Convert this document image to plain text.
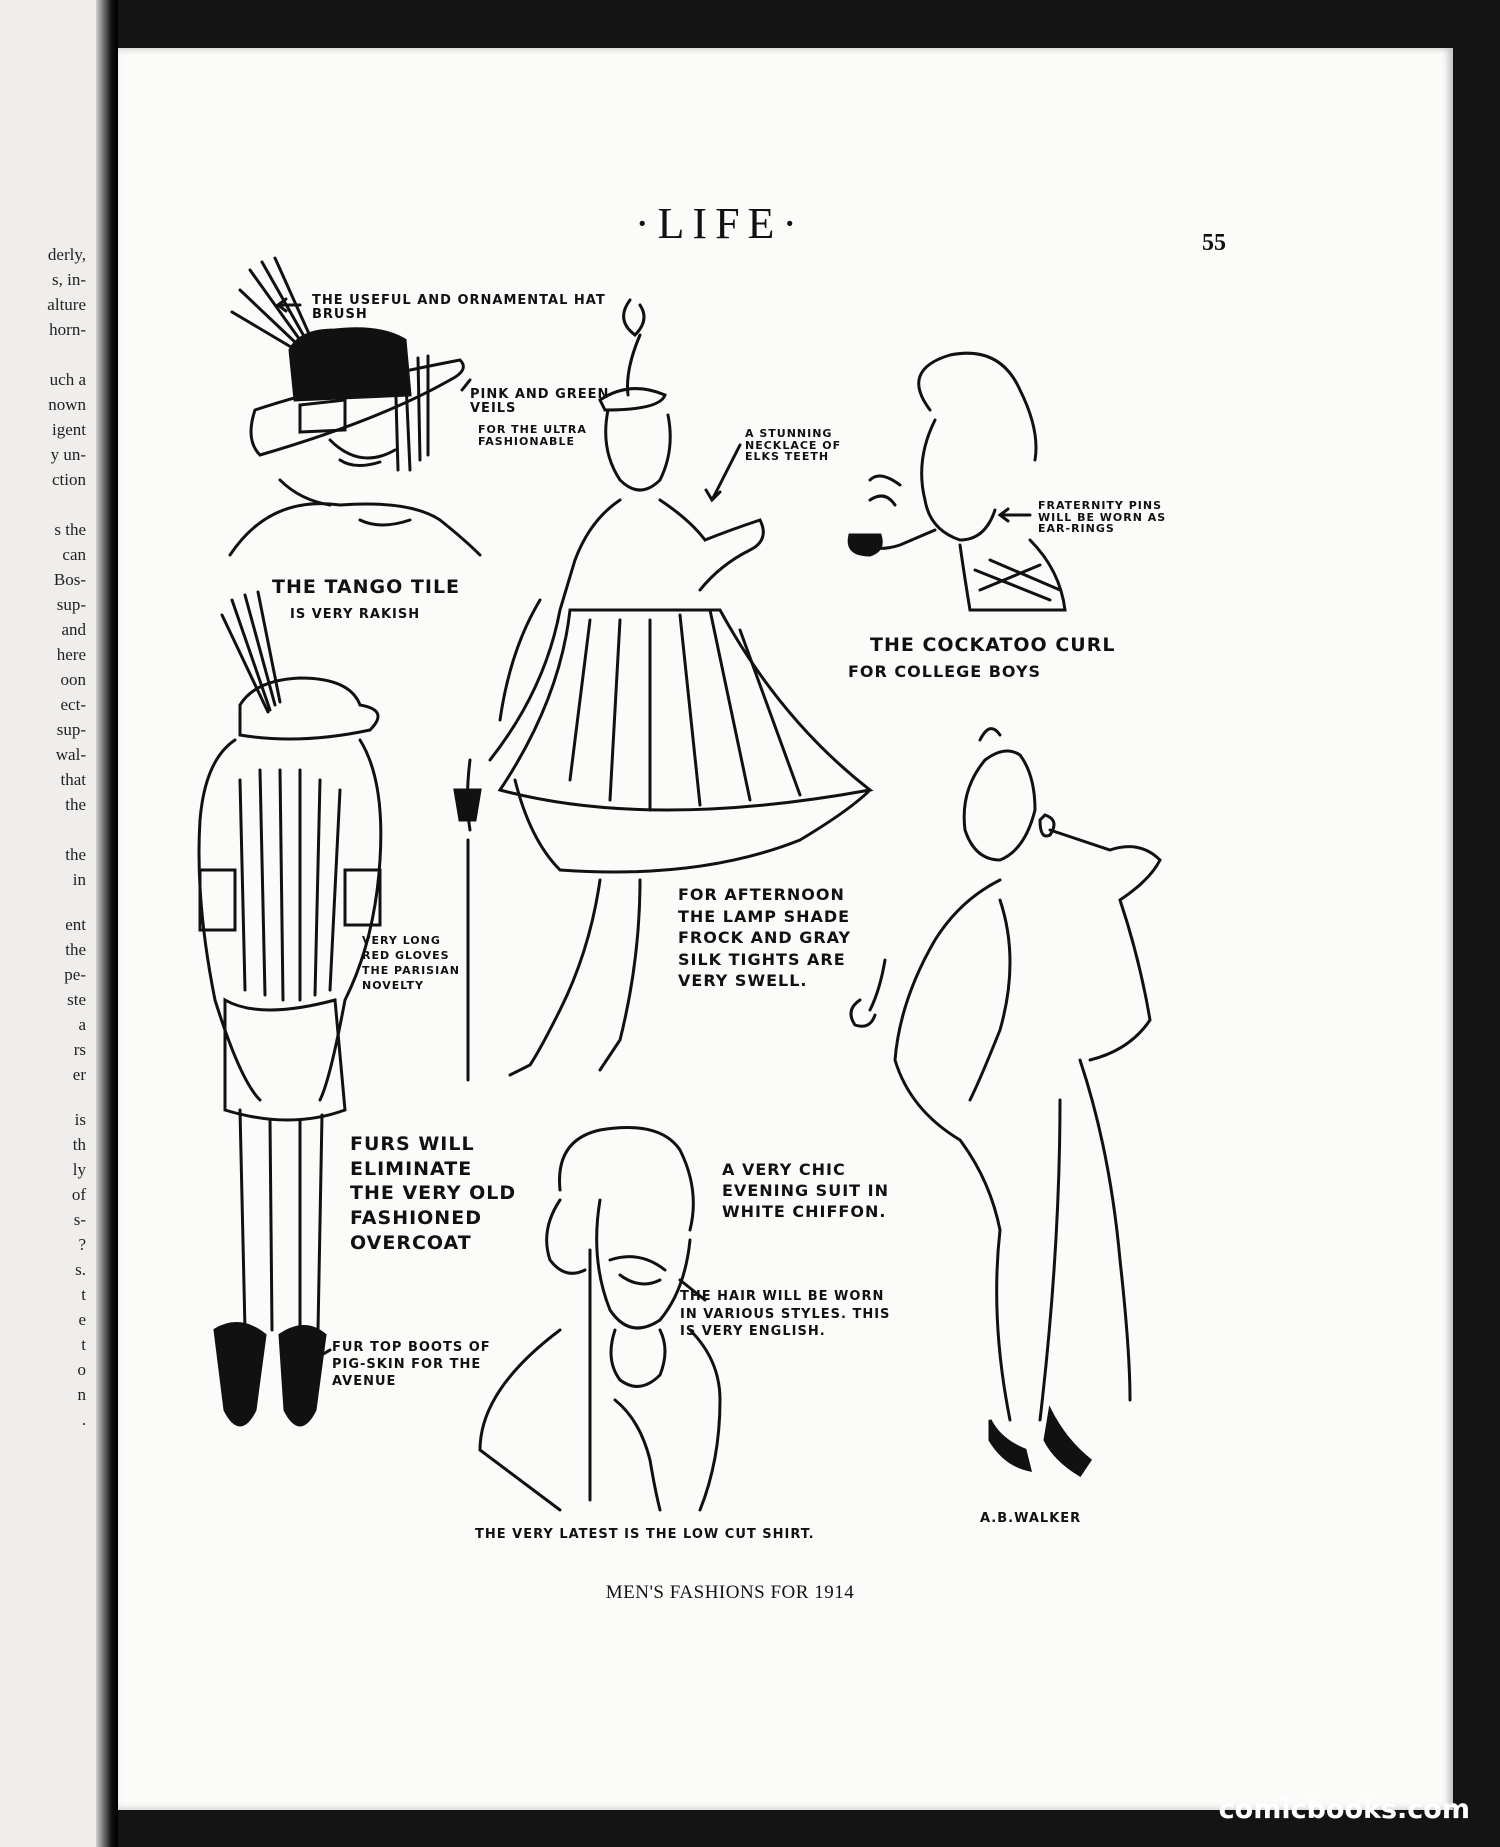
derly,
s, in-
alture
horn-
uch a
nown
igent
y un-
ction
s the
can
Bos-
sup-
and
here
oon
ect-
sup-
wal-
that
the
the
in
ent
the
pe-
ste
a
rs
er
is
th
ly
of
s-
?
s.
t
e
t
o
n
.
·LIFE·	55
THE USEFUL AND ORNAMENTAL HAT BRUSH
PINK AND GREEN VEILS
FOR THE ULTRA FASHIONABLE
A STUNNING NECKLACE OF ELKS TEETH
FRATERNITY PINS WILL BE WORN AS EAR-RINGS
THE TANGO TILE
IS VERY RAKISH
THE COCKATOO CURL
FOR COLLEGE BOYS
FOR AFTERNOON THE LAMP SHADE FROCK AND GRAY SILK TIGHTS ARE VERY SWELL.
VERY LONG RED GLOVES THE PARISIAN NOVELTY
FURS WILL ELIMINATE THE VERY OLD FASHIONED OVERCOAT
A VERY CHIC EVENING SUIT IN WHITE CHIFFON.
THE HAIR WILL BE WORN IN VARIOUS STYLES. THIS IS VERY ENGLISH.
FUR TOP BOOTS OF PIG-SKIN FOR THE AVENUE
THE VERY LATEST IS THE LOW CUT SHIRT.
A.B.WALKER
MEN'S FASHIONS FOR 1914
comicbooks.com
